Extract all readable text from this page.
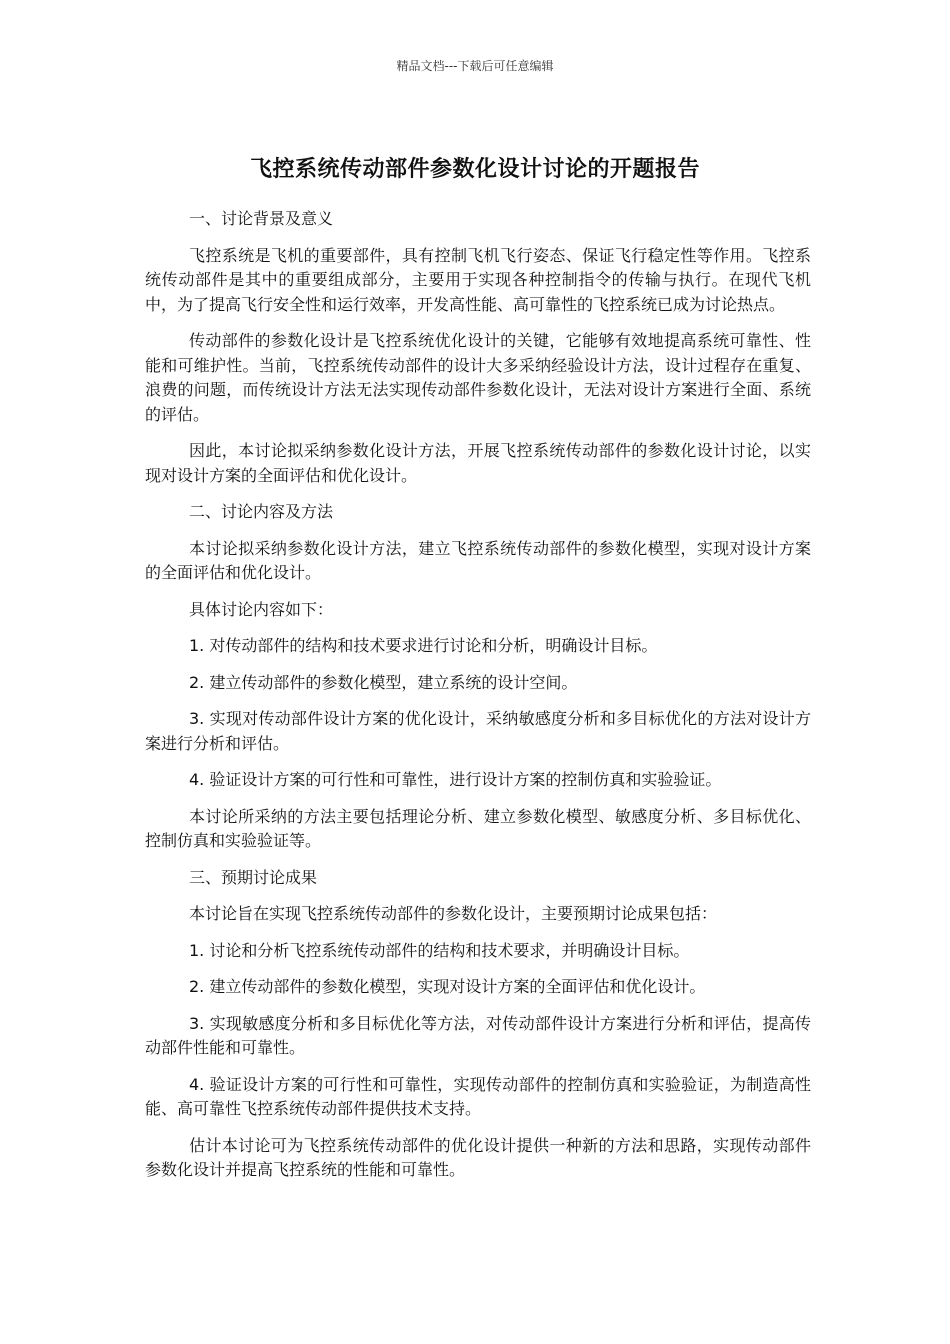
精品文档---下载后可任意编辑
飞控系统传动部件参数化设计讨论的开题报告

一、讨论背景及意义

飞控系统是飞机的重要部件，具有控制飞机飞行姿态、保证飞行稳定性等作用。飞控系统传动部件是其中的重要组成部分，主要用于实现各种控制指令的传输与执行。在现代飞机中，为了提高飞行安全性和运行效率，开发高性能、高可靠性的飞控系统已成为讨论热点。

传动部件的参数化设计是飞控系统优化设计的关键，它能够有效地提高系统可靠性、性能和可维护性。当前，飞控系统传动部件的设计大多采纳经验设计方法，设计过程存在重复、浪费的问题，而传统设计方法无法实现传动部件参数化设计，无法对设计方案进行全面、系统的评估。

因此，本讨论拟采纳参数化设计方法，开展飞控系统传动部件的参数化设计讨论，以实现对设计方案的全面评估和优化设计。

二、讨论内容及方法

本讨论拟采纳参数化设计方法，建立飞控系统传动部件的参数化模型，实现对设计方案的全面评估和优化设计。

具体讨论内容如下：

1. 对传动部件的结构和技术要求进行讨论和分析，明确设计目标。

2. 建立传动部件的参数化模型，建立系统的设计空间。

3. 实现对传动部件设计方案的优化设计，采纳敏感度分析和多目标优化的方法对设计方案进行分析和评估。

4. 验证设计方案的可行性和可靠性，进行设计方案的控制仿真和实验验证。

本讨论所采纳的方法主要包括理论分析、建立参数化模型、敏感度分析、多目标优化、控制仿真和实验验证等。

三、预期讨论成果

本讨论旨在实现飞控系统传动部件的参数化设计，主要预期讨论成果包括：

1. 讨论和分析飞控系统传动部件的结构和技术要求，并明确设计目标。

2. 建立传动部件的参数化模型，实现对设计方案的全面评估和优化设计。

3. 实现敏感度分析和多目标优化等方法，对传动部件设计方案进行分析和评估，提高传动部件性能和可靠性。

4. 验证设计方案的可行性和可靠性，实现传动部件的控制仿真和实验验证，为制造高性能、高可靠性飞控系统传动部件提供技术支持。

估计本讨论可为飞控系统传动部件的优化设计提供一种新的方法和思路，实现传动部件参数化设计并提高飞控系统的性能和可靠性。
